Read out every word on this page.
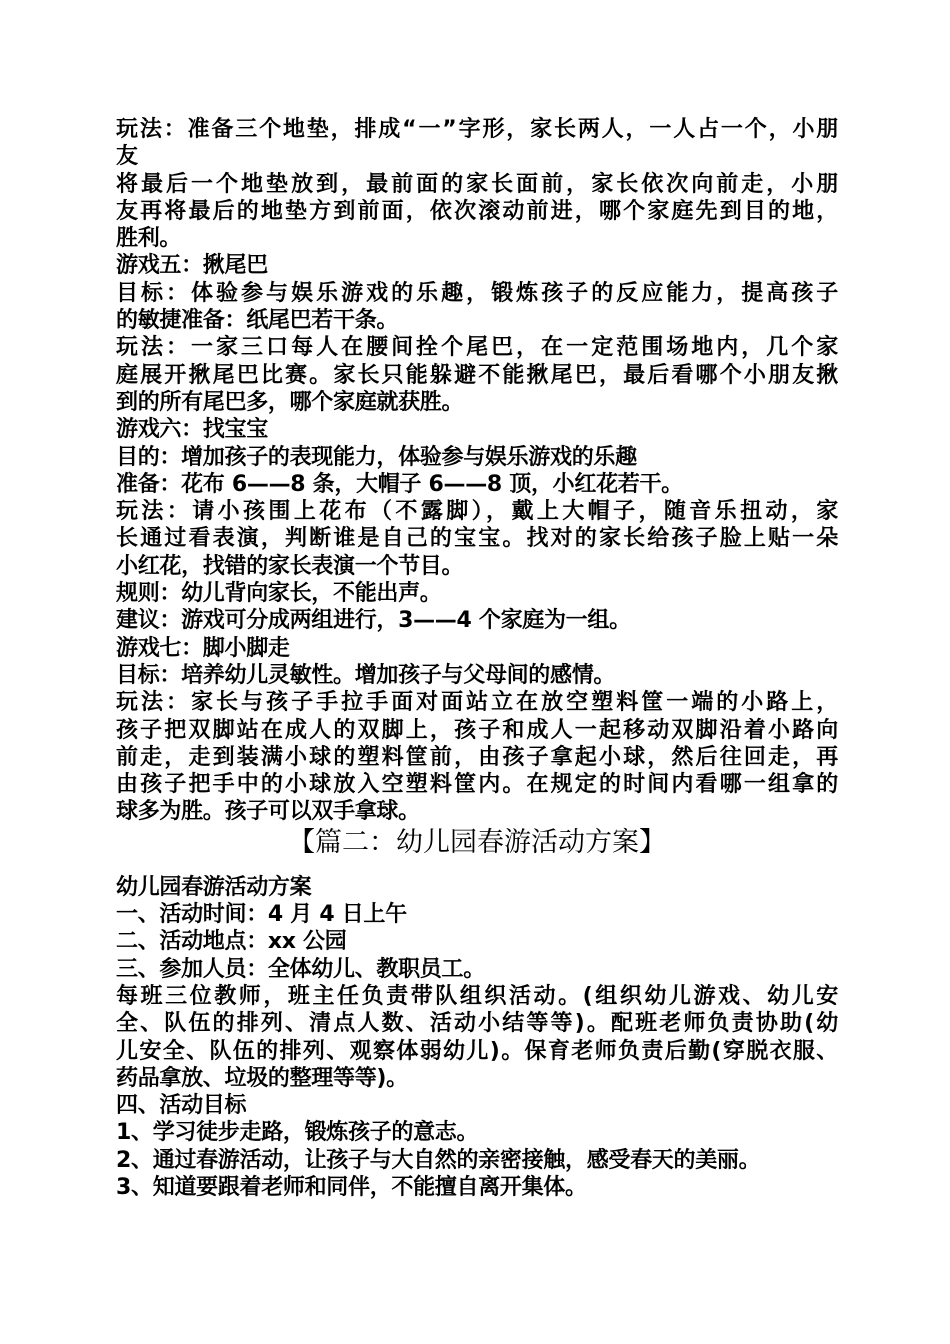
玩法：准备三个地垫，排成“一”字形，家长两人，一人占一个，小朋
友
将最后一个地垫放到，最前面的家长面前，家长依次向前走，小朋
友再将最后的地垫方到前面，依次滚动前进，哪个家庭先到目的地，
胜利。
游戏五：揪尾巴
目标：体验参与娱乐游戏的乐趣，锻炼孩子的反应能力，提高孩子
的敏捷准备：纸尾巴若干条。
玩法：一家三口每人在腰间拴个尾巴，在一定范围场地内，几个家
庭展开揪尾巴比赛。家长只能躲避不能揪尾巴，最后看哪个小朋友揪
到的所有尾巴多，哪个家庭就获胜。
游戏六：找宝宝
目的：增加孩子的表现能力，体验参与娱乐游戏的乐趣
准备：花布 6——8 条，大帽子 6——8 顶，小红花若干。
玩法：请小孩围上花布（不露脚），戴上大帽子，随音乐扭动，家
长通过看表演，判断谁是自己的宝宝。找对的家长给孩子脸上贴一朵
小红花，找错的家长表演一个节目。
规则：幼儿背向家长，不能出声。
建议：游戏可分成两组进行，3——4 个家庭为一组。
游戏七：脚小脚走
目标：培养幼儿灵敏性。增加孩子与父母间的感情。
玩法：家长与孩子手拉手面对面站立在放空塑料筐一端的小路上，
孩子把双脚站在成人的双脚上，孩子和成人一起移动双脚沿着小路向
前走，走到装满小球的塑料筐前，由孩子拿起小球，然后往回走，再
由孩子把手中的小球放入空塑料筐内。在规定的时间内看哪一组拿的
球多为胜。孩子可以双手拿球。
【篇二：幼儿园春游活动方案】
幼儿园春游活动方案
一、活动时间：4 月 4 日上午
二、活动地点：xx 公园
三、参加人员：全体幼儿、教职员工。
每班三位教师，班主任负责带队组织活动。(组织幼儿游戏、幼儿安
全、队伍的排列、清点人数、活动小结等等)。配班老师负责协助(幼
儿安全、队伍的排列、观察体弱幼儿)。保育老师负责后勤(穿脱衣服、
药品拿放、垃圾的整理等等)。
四、活动目标
1、学习徒步走路，锻炼孩子的意志。
2、通过春游活动，让孩子与大自然的亲密接触，感受春天的美丽。
3、知道要跟着老师和同伴，不能擅自离开集体。
